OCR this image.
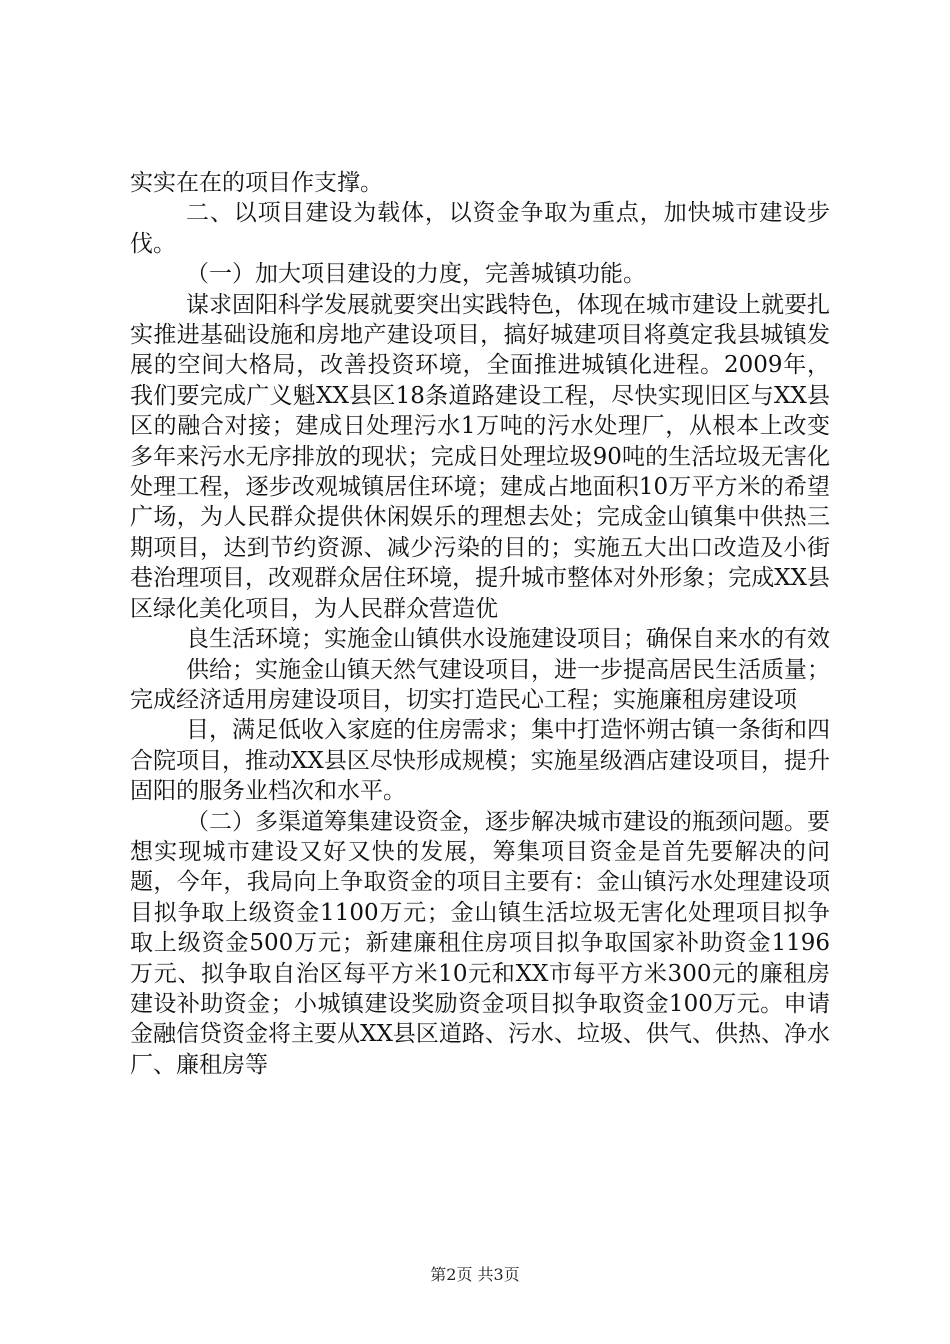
实实在在的项目作支撑。

二、以项目建设为载体，以资金争取为重点，加快城市建设步伐。

（一）加大项目建设的力度，完善城镇功能。

谋求固阳科学发展就要突出实践特色，体现在城市建设上就要扎实推进基础设施和房地产建设项目，搞好城建项目将奠定我县城镇发展的空间大格局，改善投资环境，全面推进城镇化进程。2009年，我们要完成广义魁XX县区18条道路建设工程，尽快实现旧区与XX县区的融合对接；建成日处理污水1万吨的污水处理厂，从根本上改变多年来污水无序排放的现状；完成日处理垃圾90吨的生活垃圾无害化处理工程，逐步改观城镇居住环境；建成占地面积10万平方米的希望广场，为人民群众提供休闲娱乐的理想去处；完成金山镇集中供热三期项目，达到节约资源、减少污染的目的；实施五大出口改造及小街巷治理项目，改观群众居住环境，提升城市整体对外形象；完成XX县区绿化美化项目，为人民群众营造优

良生活环境；实施金山镇供水设施建设项目；确保自来水的有效

供给；实施金山镇天然气建设项目，进一步提高居民生活质量；完成经济适用房建设项目，切实打造民心工程；实施廉租房建设项

目，满足低收入家庭的住房需求；集中打造怀朔古镇一条街和四合院项目，推动XX县区尽快形成规模；实施星级酒店建设项目，提升固阳的服务业档次和水平。

（二）多渠道筹集建设资金，逐步解决城市建设的瓶颈问题。要想实现城市建设又好又快的发展，筹集项目资金是首先要解决的问题，今年，我局向上争取资金的项目主要有：金山镇污水处理建设项目拟争取上级资金1100万元；金山镇生活垃圾无害化处理项目拟争取上级资金500万元；新建廉租住房项目拟争取国家补助资金1196万元、拟争取自治区每平方米10元和XX市每平方米300元的廉租房建设补助资金；小城镇建设奖励资金项目拟争取资金100万元。申请金融信贷资金将主要从XX县区道路、污水、垃圾、供气、供热、净水厂、廉租房等

第2页 共3页
